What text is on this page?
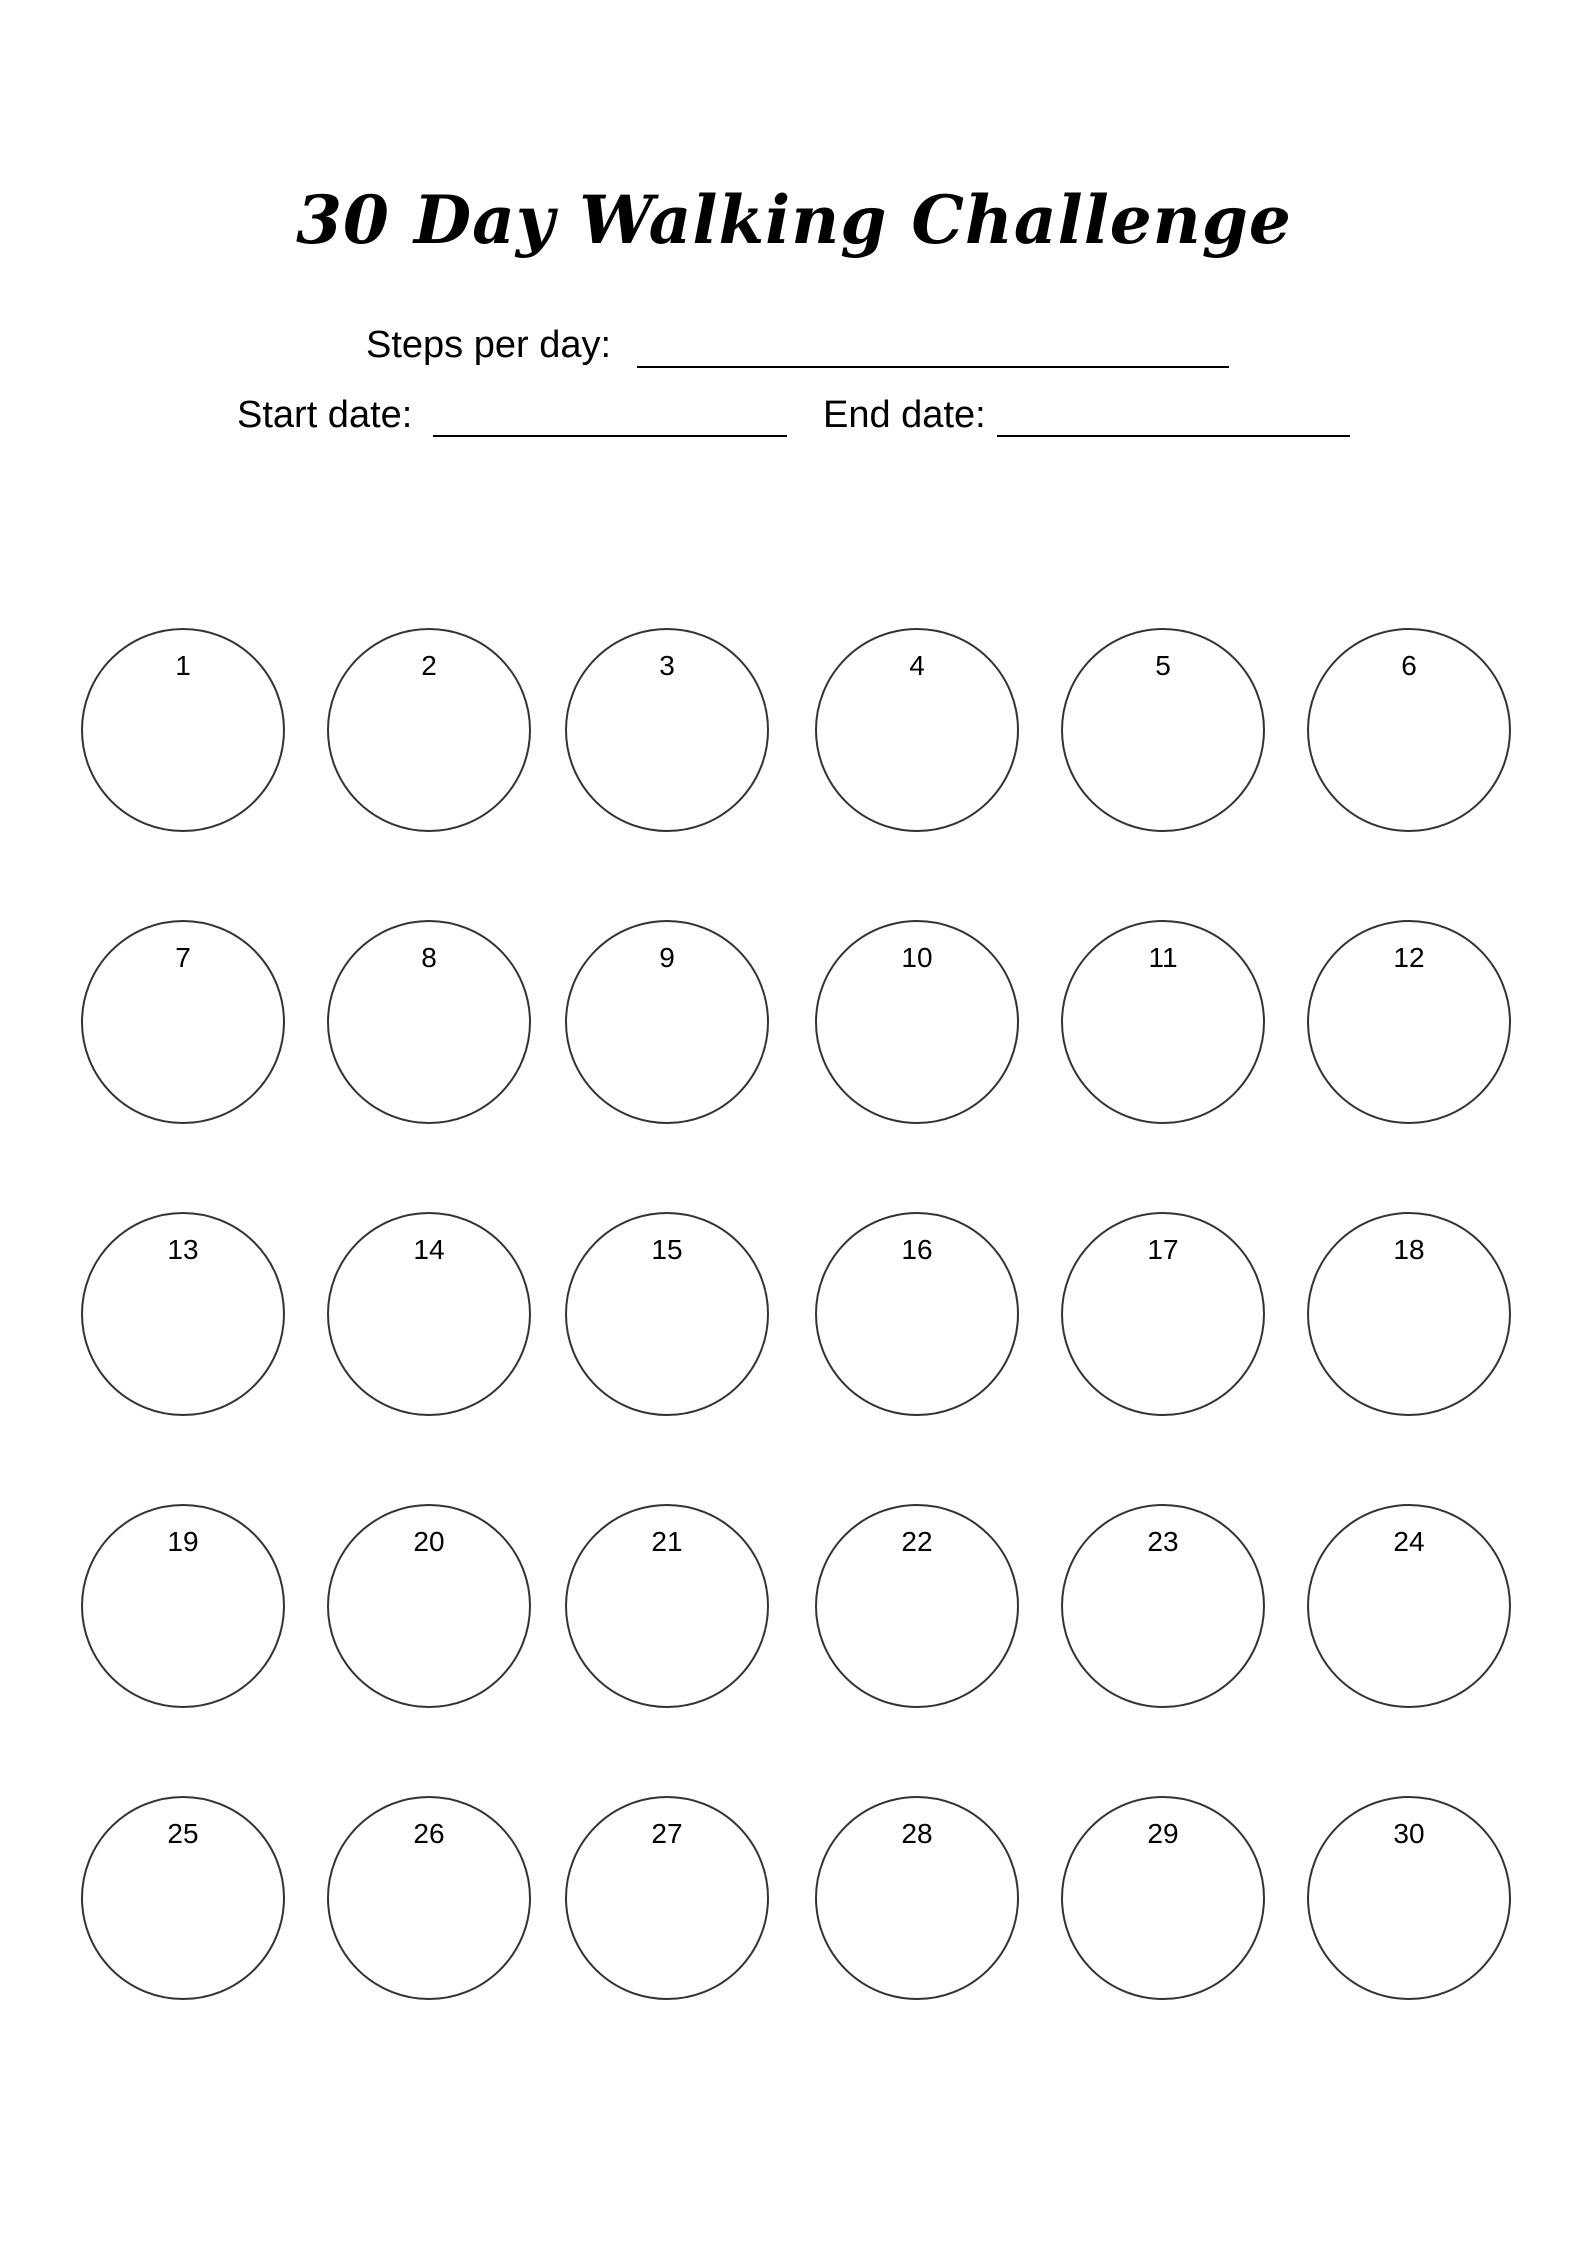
30 Day Walking Challenge
Steps per day:
Start date:	End date:
1	2	3	4	5	6
7	8	9	10	11	12
13	14	15	16	17	18
19	20	21	22	23	24
25	26	27	28	29	30
